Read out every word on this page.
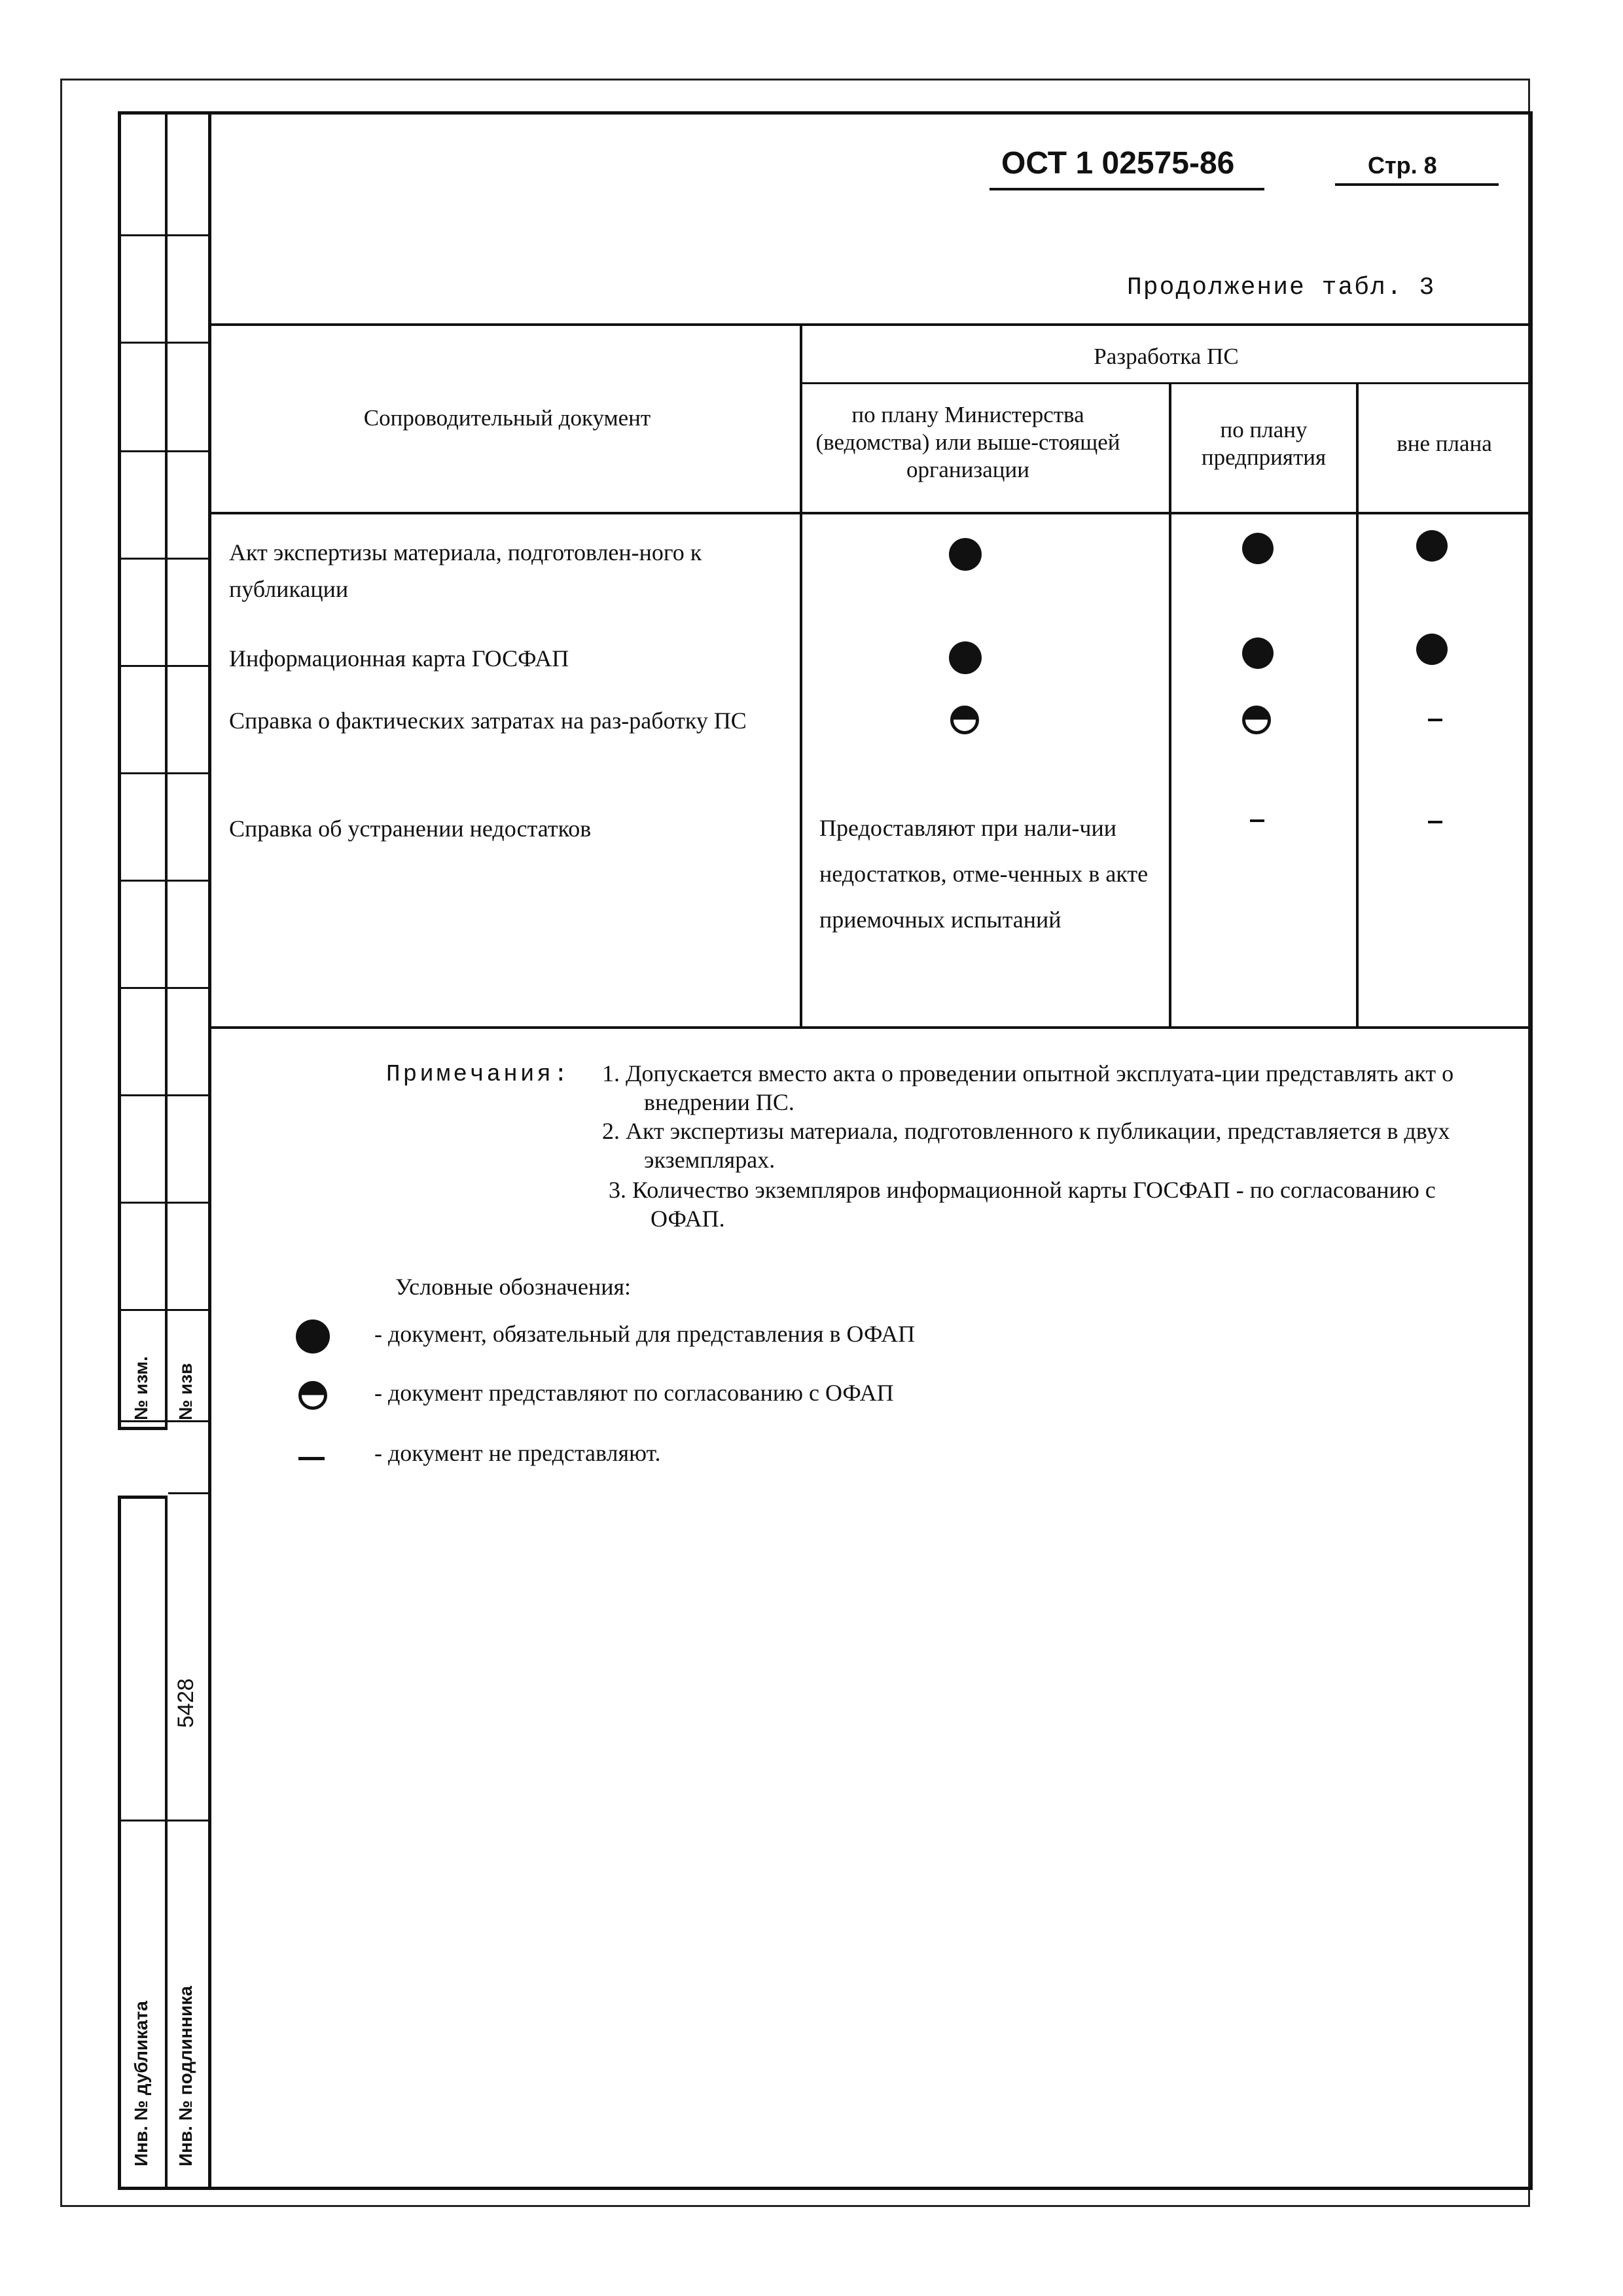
№ изм. № изв
Инв. № дубликата Инв. № подлинника
5428
ОСТ 1 02575-86	Стр. 8
Продолжение табл. 3
Сопроводительный документ
Разработка ПС
по плану Министерства (ведомства) или выше-стоящей организации
по плану предприятия
вне плана
Акт экспертизы материала, подготовлен-ного к публикации
Информационная карта ГОСФАП
Справка о фактических затратах на раз-работку ПС
Справка об устранении недостатков	Предоставляют при нали-чии недостатков, отме-ченных в акте приемочных испытаний
Примечания: 1. Допускается вместо акта о проведении опытной эксплуата-ции представлять акт о внедрении ПС.
2. Акт экспертизы материала, подготовленного к публикации, представляется в двух экземплярах.
3. Количество экземпляров информационной карты ГОСФАП - по согласованию с ОФАП.
Условные обозначения:
- документ, обязательный для представления в ОФАП
- документ представляют по согласованию с ОФАП
- документ не представляют.
